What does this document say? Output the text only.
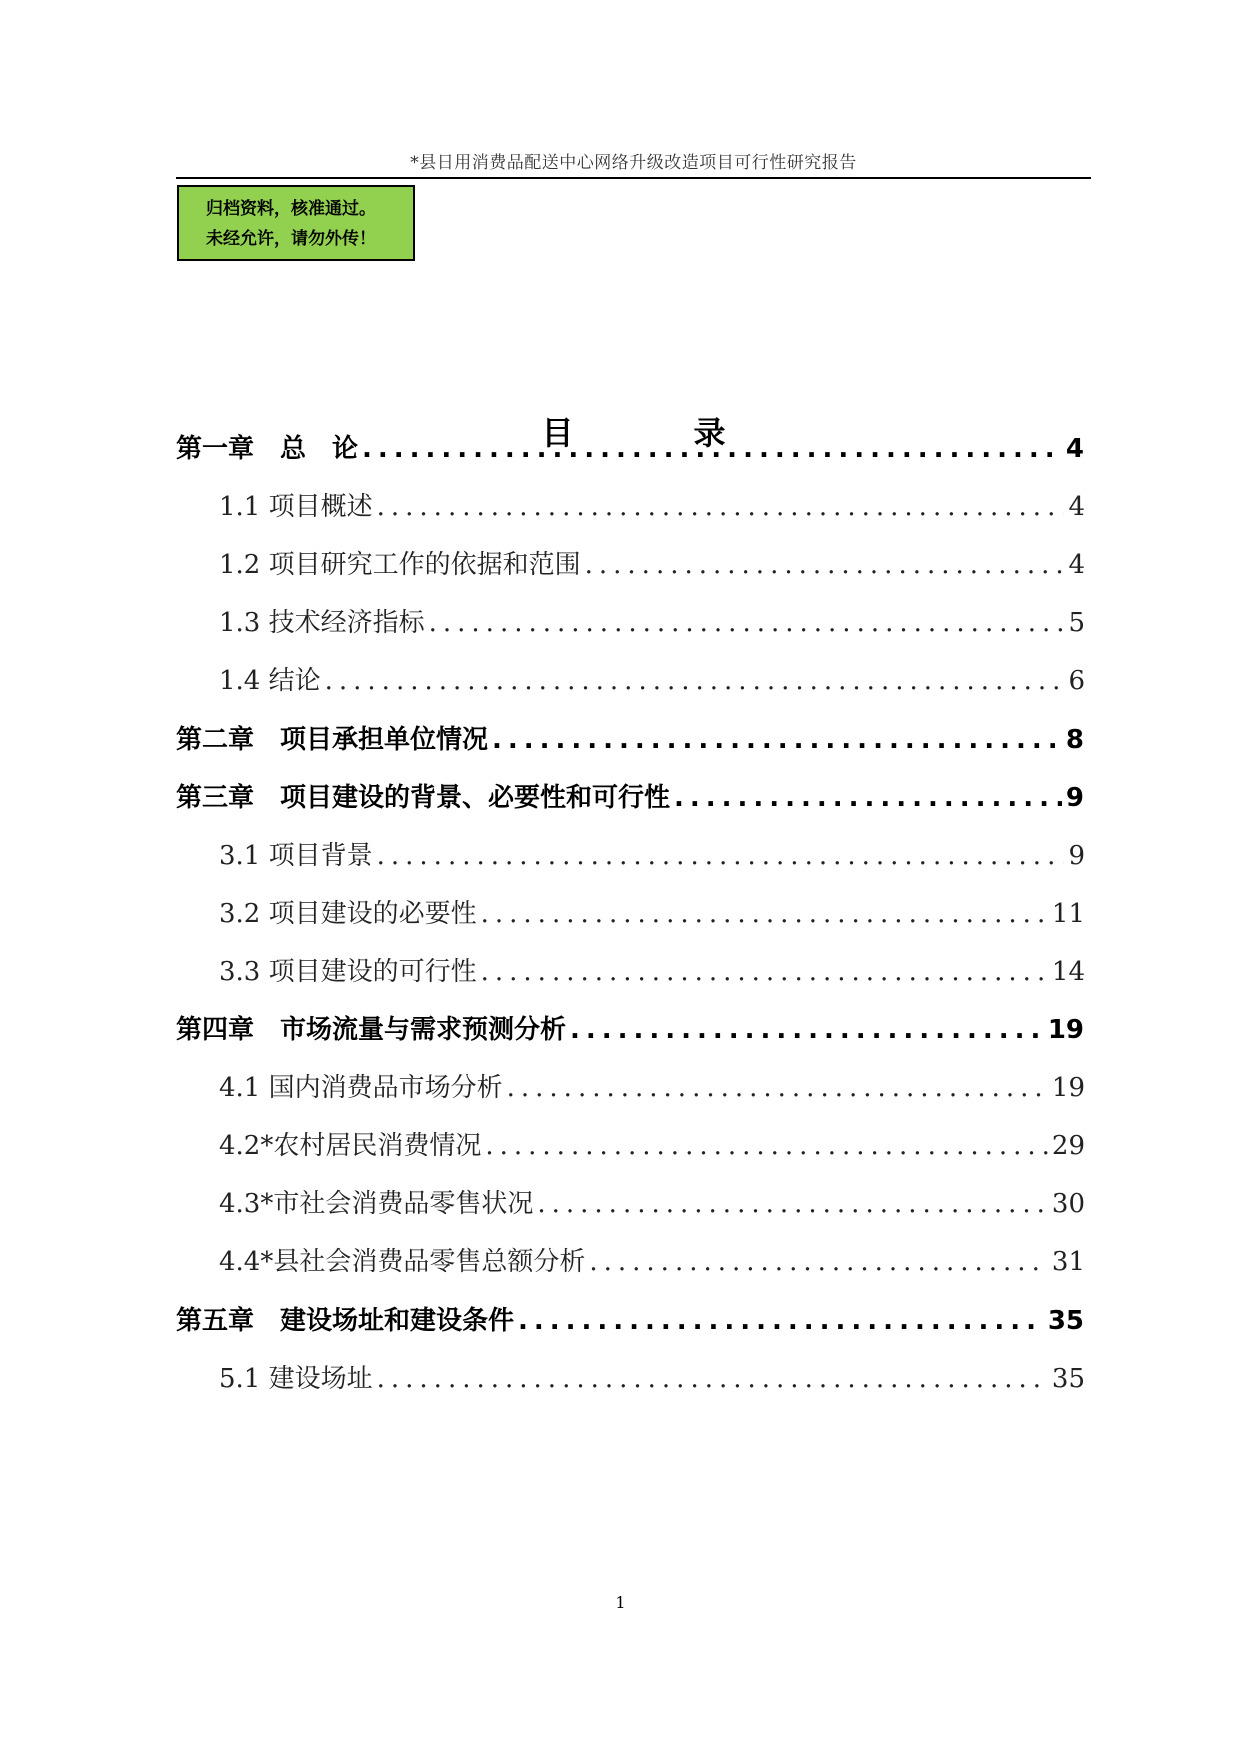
*县日用消费品配送中心网络升级改造项目可行性研究报告
归档资料，核准通过。
未经允许，请勿外传！
目	录
第一章　总　论 .....	4
1.1 项目概述 .....	4
1.2 项目研究工作的依据和范围 .....	4
1.3 技术经济指标 .....	5
1.4 结论 .....	6
第二章　项目承担单位情况 .....	8
第三章　项目建设的背景、必要性和可行性 .....	9
3.1 项目背景 .....	9
3.2 项目建设的必要性 .....	11
3.3 项目建设的可行性 .....	14
第四章　市场流量与需求预测分析 .....	19
4.1 国内消费品市场分析 .....	19
4.2*农村居民消费情况 .....	29
4.3*市社会消费品零售状况 .....	30
4.4*县社会消费品零售总额分析 .....	31
第五章　建设场址和建设条件 .....	35
5.1 建设场址 .....	35
1
